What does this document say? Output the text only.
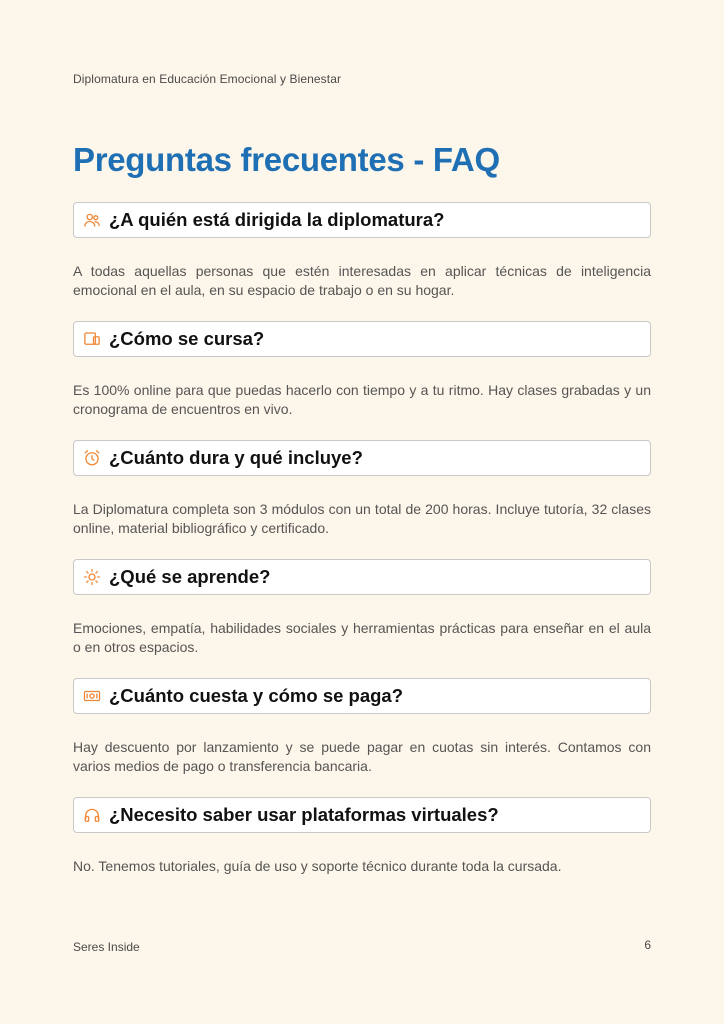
Diplomatura en Educación Emocional y Bienestar
Preguntas frecuentes - FAQ
¿A quién está dirigida la diplomatura?

A todas aquellas personas que estén interesadas en aplicar técnicas de inteligencia emocional en el aula, en su espacio de trabajo o en su hogar.

¿Cómo se cursa?

Es 100% online para que puedas hacerlo con tiempo y a tu ritmo. Hay clases grabadas y un cronograma de encuentros en vivo.

¿Cuánto dura y qué incluye?

La Diplomatura completa son 3 módulos con un total de 200 horas. Incluye tutoría, 32 clases online, material bibliográfico y certificado.

¿Qué se aprende?

Emociones, empatía, habilidades sociales y herramientas prácticas para enseñar en el aula o en otros espacios.

¿Cuánto cuesta y cómo se paga?

Hay descuento por lanzamiento y se puede pagar en cuotas sin interés. Contamos con varios medios de pago o transferencia bancaria.

¿Necesito saber usar plataformas virtuales?

No. Tenemos tutoriales, guía de uso y soporte técnico durante toda la cursada.

Seres Inside	6
